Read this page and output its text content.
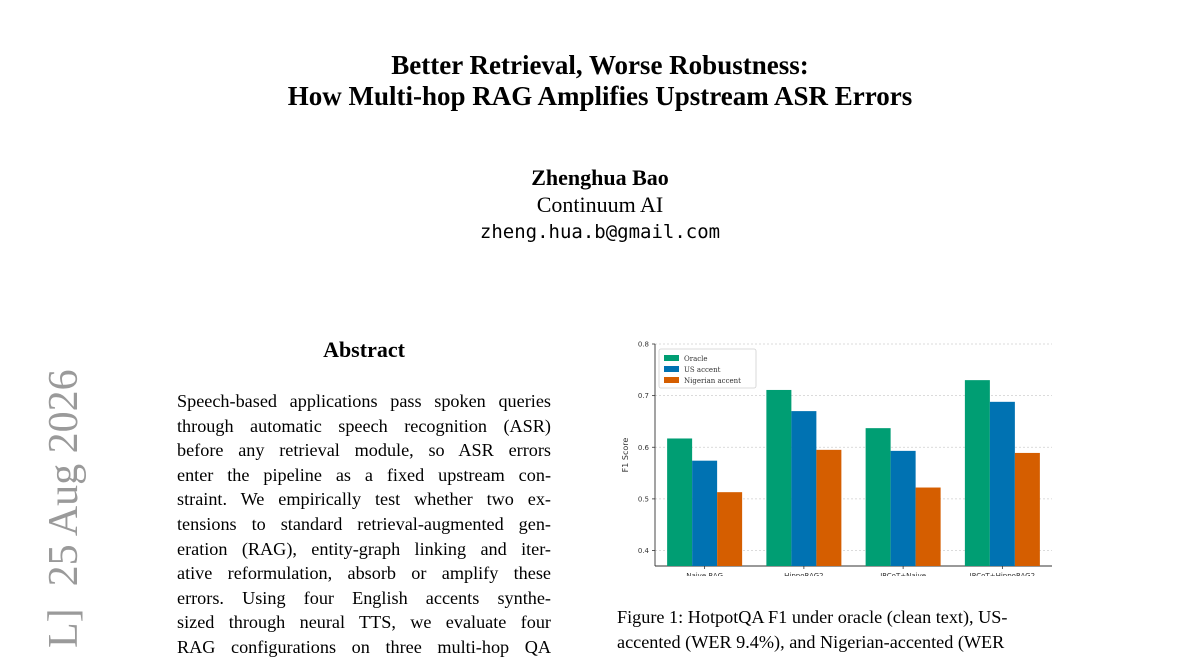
Better Retrieval, Worse Robustness:
How Multi-hop RAG Amplifies Upstream ASR Errors
Zhenghua Bao
Continuum AI
zheng.hua.b@gmail.com
L]25 Aug 2026
Abstract
Speech-based applications pass spoken queries
through automatic speech recognition (ASR)
before any retrieval module, so ASR errors
enter the pipeline as a fixed upstream con-
straint. We empirically test whether two ex-
tensions to standard retrieval-augmented gen-
eration (RAG), entity-graph linking and iter-
ative reformulation, absorb or amplify these
errors. Using four English accents synthe-
sized through neural TTS, we evaluate four
RAG configurations on three multi-hop QA
0.4
0.5
0.6
0.7
0.8
F1 Score
Naive RAG	HippoRAG2	IRCoT+Naive	IRCoT+HippoRAG2
Oracle
US accent
Nigerian accent
Figure 1: HotpotQA F1 under oracle (clean text), US-
accented (WER 9.4%), and Nigerian-accented (WER
